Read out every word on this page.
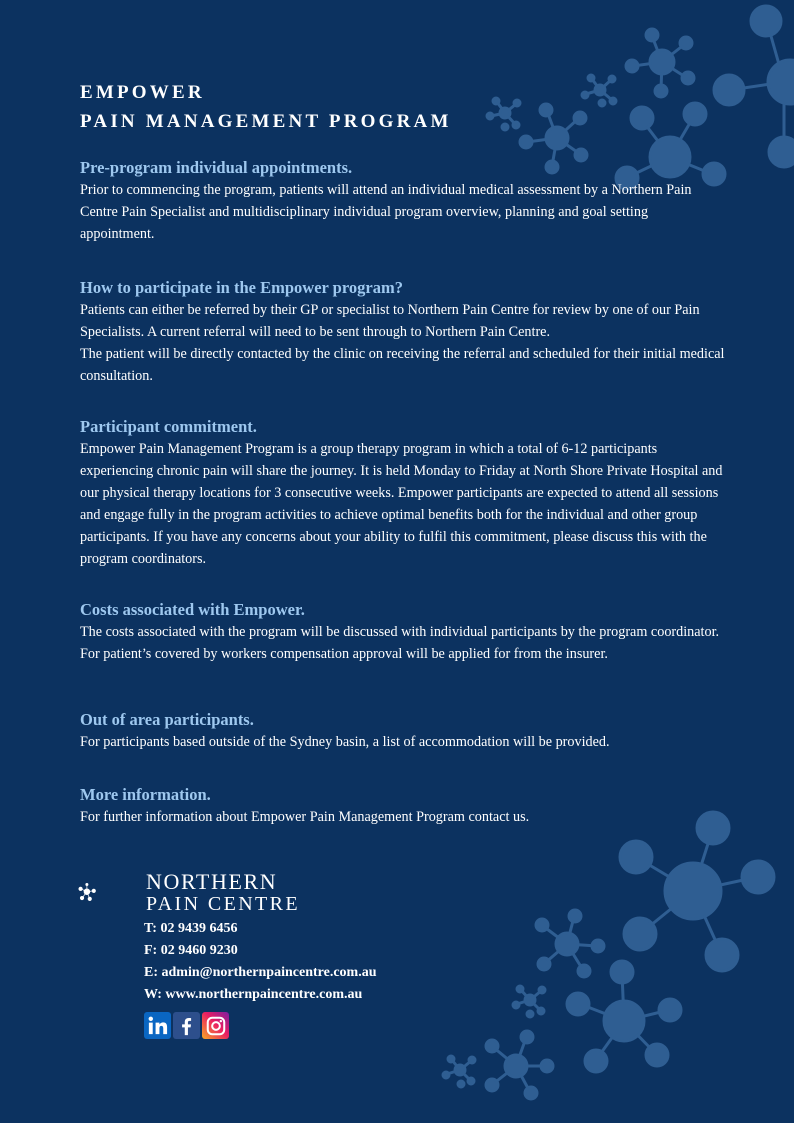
EMPOWER
PAIN MANAGEMENT PROGRAM
Pre-program individual appointments.

Prior to commencing the program, patients will attend an individual medical assessment by a Northern Pain Centre Pain Specialist and multidisciplinary individual program overview, planning and goal setting appointment.

How to participate in the Empower program?

Patients can either be referred by their GP or specialist to Northern Pain Centre for review by one of our Pain Specialists. A current referral will need to be sent through to Northern Pain Centre.

The patient will be directly contacted by the clinic on receiving the referral and scheduled for their initial medical consultation.

Participant commitment.

Empower Pain Management Program is a group therapy program in which a total of 6-12 participants experiencing chronic pain will share the journey. It is held Monday to Friday at North Shore Private Hospital and our physical therapy locations for 3 consecutive weeks. Empower participants are expected to attend all sessions and engage fully in the program activities to achieve optimal benefits both for the individual and other group participants. If you have any concerns about your ability to fulfil this commitment, please discuss this with the program coordinators.

Costs associated with Empower.

The costs associated with the program will be discussed with individual participants by the program coordinator. For patient’s covered by workers compensation approval will be applied for from the insurer.

Out of area participants.

For participants based outside of the Sydney basin, a list of accommodation will be provided.

More information.

For further information about Empower Pain Management Program contact us.

NORTHERN
PAIN CENTRE
T: 02 9439 6456
F: 02 9460 9230
E: admin@northernpaincentre.com.au
W: www.northernpaincentre.com.au
